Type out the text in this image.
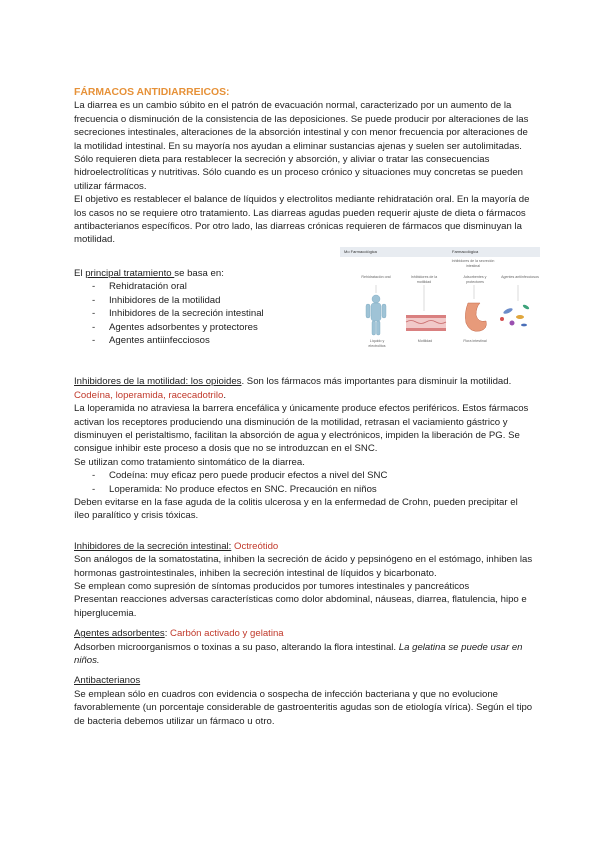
FÁRMACOS ANTIDIARREICOS:

La diarrea es un cambio súbito en el patrón de evacuación normal, caracterizado por un aumento de la frecuencia o disminución de la consistencia de las deposiciones. Se puede producir por alteraciones de las secreciones intestinales, alteraciones de la absorción intestinal y con menor frecuencia por alteraciones de la motilidad intestinal. En su mayoría nos ayudan a eliminar sustancias ajenas y suelen ser autolimitadas. Sólo requieren dieta para restablecer la secreción y absorción, y aliviar o tratar las consecuencias hidroelectrolíticas y nutritivas. Sólo cuando es un proceso crónico y situaciones muy concretas se pueden utilizar fármacos.

El objetivo es restablecer el balance de líquidos y electrolitos mediante rehidratación oral. En la mayoría de los casos no se requiere otro tratamiento. Las diarreas agudas pueden requerir ajuste de dieta o fármacos antibacterianos específicos. Por otro lado, las diarreas crónicas requieren de fármacos que disminuyan la motilidad.

El principal tratamiento se basa en:

- Rehidratación oral
- Inhibidores de la motilidad
- Inhibidores de la secreción intestinal
- Agentes adsorbentes y protectores
- Agentes antiinfecciosos

Inhibidores de la motilidad: los opioides. Son los fármacos más importantes para disminuir la motilidad. Codeína, loperamida, racecadotrilo.

La loperamida no atraviesa la barrera encefálica y únicamente produce efectos periféricos. Estos fármacos activan los receptores produciendo una disminución de la motilidad, retrasan el vaciamiento gástrico y disminuyen el peristaltismo, facilitan la absorción de agua y electrónicos, impiden la liberación de PG. Se consigue inhibir este proceso a dosis que no se introduzcan en el SNC.

Se utilizan como tratamiento sintomático de la diarrea.

- Codeína: muy eficaz pero puede producir efectos a nivel del SNC
- Loperamida: No produce efectos en SNC. Precaución en niños

Deben evitarse en la fase aguda de la colitis ulcerosa y en la enfermedad de Crohn, pueden precipitar el íleo paralítico y crisis tóxicas.

Inhibidores de la secreción intestinal: Octreótido

Son análogos de la somatostatina, inhiben la secreción de ácido y pepsinógeno en el estómago, inhiben las hormonas gastrointestinales, inhiben la secreción intestinal de líquidos y bicarbonato.

Se emplean como supresión de síntomas producidos por tumores intestinales y pancreáticos

Presentan reacciones adversas características como dolor abdominal, náuseas, diarrea, flatulencia, hipo e hiperglucemia.

Agentes adsorbentes: Carbón activado y gelatina

Adsorben microorganismos o toxinas a su paso, alterando la flora intestinal. La gelatina se puede usar en niños.

Antibacterianos

Se emplean sólo en cuadros con evidencia o sospecha de infección bacteriana y que no evolucione favorablemente (un porcentaje considerable de gastroenteritis agudas son de etiología vírica). Según el tipo de bacteria debemos utilizar un fármaco u otro.

Mo Farmacológica	Farmacológica
Rehidratación oral	Inhibidores de la motilidad
Adsorbentes y protectores
Agentes antiinfecciosos
Inhibidores de la secreción intestinal
Líquido y electrolitos
Motilidad	Flora intestinal
